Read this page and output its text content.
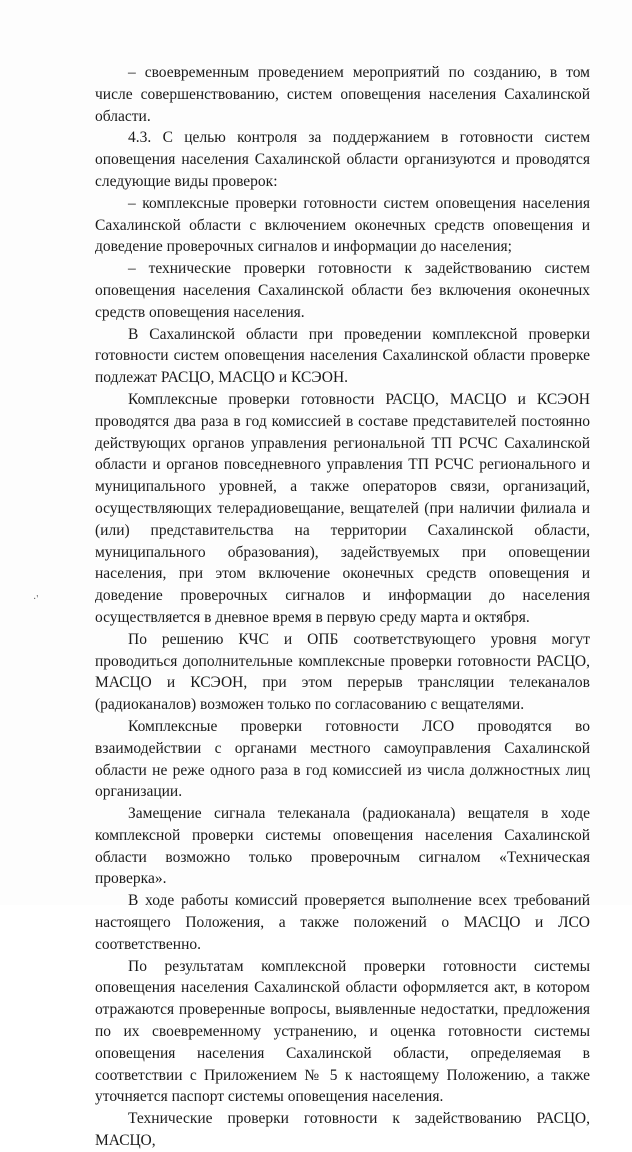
– своевременным проведением мероприятий по созданию, в том числе совершенствованию, систем оповещения населения Сахалинской области.

4.3. С целью контроля за поддержанием в готовности систем оповещения населения Сахалинской области организуются и проводятся следующие виды проверок:

– комплексные проверки готовности систем оповещения населения Сахалинской области с включением оконечных средств оповещения и доведение проверочных сигналов и информации до населения;

– технические проверки готовности к задействованию систем оповещения населения Сахалинской области без включения оконечных средств оповещения населения.

В Сахалинской области при проведении комплексной проверки готовности систем оповещения населения Сахалинской области проверке подлежат РАСЦО, МАСЦО и КСЭОН.

Комплексные проверки готовности РАСЦО, МАСЦО и КСЭОН проводятся два раза в год комиссией в составе представителей постоянно действующих органов управления региональной ТП РСЧС Сахалинской области и органов повседневного управления ТП РСЧС регионального и муниципального уровней, а также операторов связи, организаций, осуществляющих телерадиовещание, вещателей (при наличии филиала и (или) представительства на территории Сахалинской области, муниципального образования), задействуемых при оповещении населения, при этом включение оконечных средств оповещения и доведение проверочных сигналов и информации до населения осуществляется в дневное время в первую среду марта и октября.

По решению КЧС и ОПБ соответствующего уровня могут проводиться дополнительные комплексные проверки готовности РАСЦО, МАСЦО и КСЭОН, при этом перерыв трансляции телеканалов (радиоканалов) возможен только по согласованию с вещателями.

Комплексные проверки готовности ЛСО проводятся во взаимодействии с органами местного самоуправления Сахалинской области не реже одного раза в год комиссией из числа должностных лиц организации.

Замещение сигнала телеканала (радиоканала) вещателя в ходе комплексной проверки системы оповещения населения Сахалинской области возможно только проверочным сигналом «Техническая проверка».

В ходе работы комиссий проверяется выполнение всех требований настоящего Положения, а также положений о МАСЦО и ЛСО соответственно.

По результатам комплексной проверки готовности системы оповещения населения Сахалинской области оформляется акт, в котором отражаются проверенные вопросы, выявленные недостатки, предложения по их своевременному устранению, и оценка готовности системы оповещения населения Сахалинской области, определяемая в соответствии с Приложением № 5 к настоящему Положению, а также уточняется паспорт системы оповещения населения.

Технические проверки готовности к задействованию РАСЦО, МАСЦО,

·'
